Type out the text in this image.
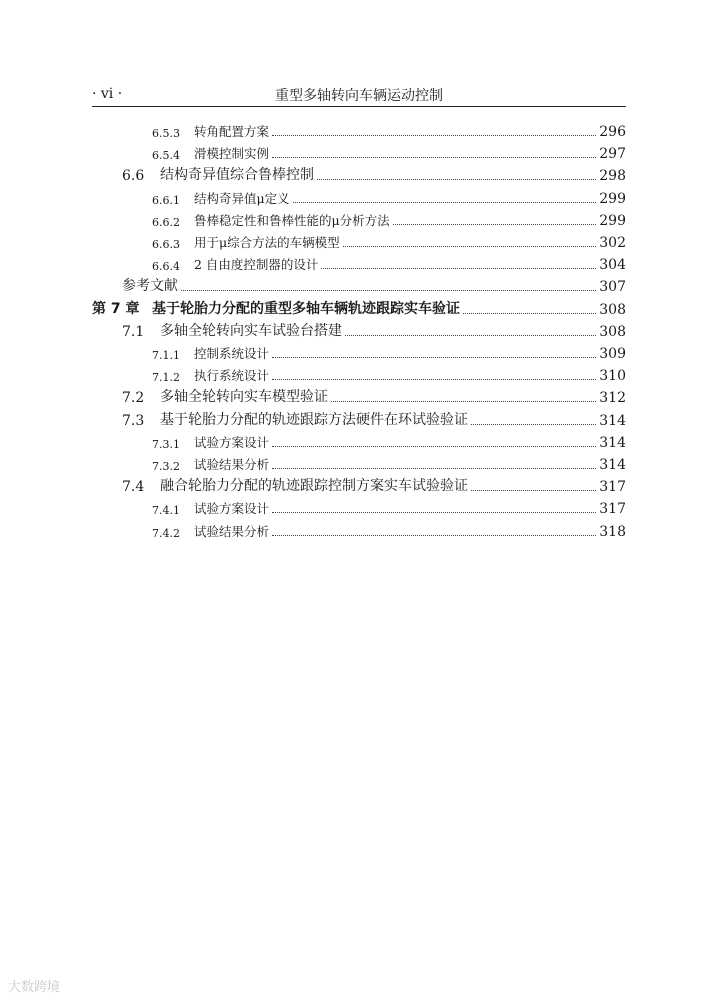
· vi ·	重型多轴转向车辆运动控制
6.5.3	转角配置方案	296
6.5.4	滑模控制实例	297
6.6	结构奇异值综合鲁棒控制	298
6.6.1	结构奇异值μ定义	299
6.6.2	鲁棒稳定性和鲁棒性能的μ分析方法	299
6.6.3	用于μ综合方法的车辆模型	302
6.6.4	2 自由度控制器的设计	304
参考文献	307
第 7 章 基于轮胎力分配的重型多轴车辆轨迹跟踪实车验证	308
7.1	多轴全轮转向实车试验台搭建	308
7.1.1	控制系统设计	309
7.1.2	执行系统设计	310
7.2	多轴全轮转向实车模型验证	312
7.3	基于轮胎力分配的轨迹跟踪方法硬件在环试验验证	314
7.3.1	试验方案设计	314
7.3.2	试验结果分析	314
7.4	融合轮胎力分配的轨迹跟踪控制方案实车试验验证	317
7.4.1	试验方案设计	317
7.4.2	试验结果分析	318
大数跨境
